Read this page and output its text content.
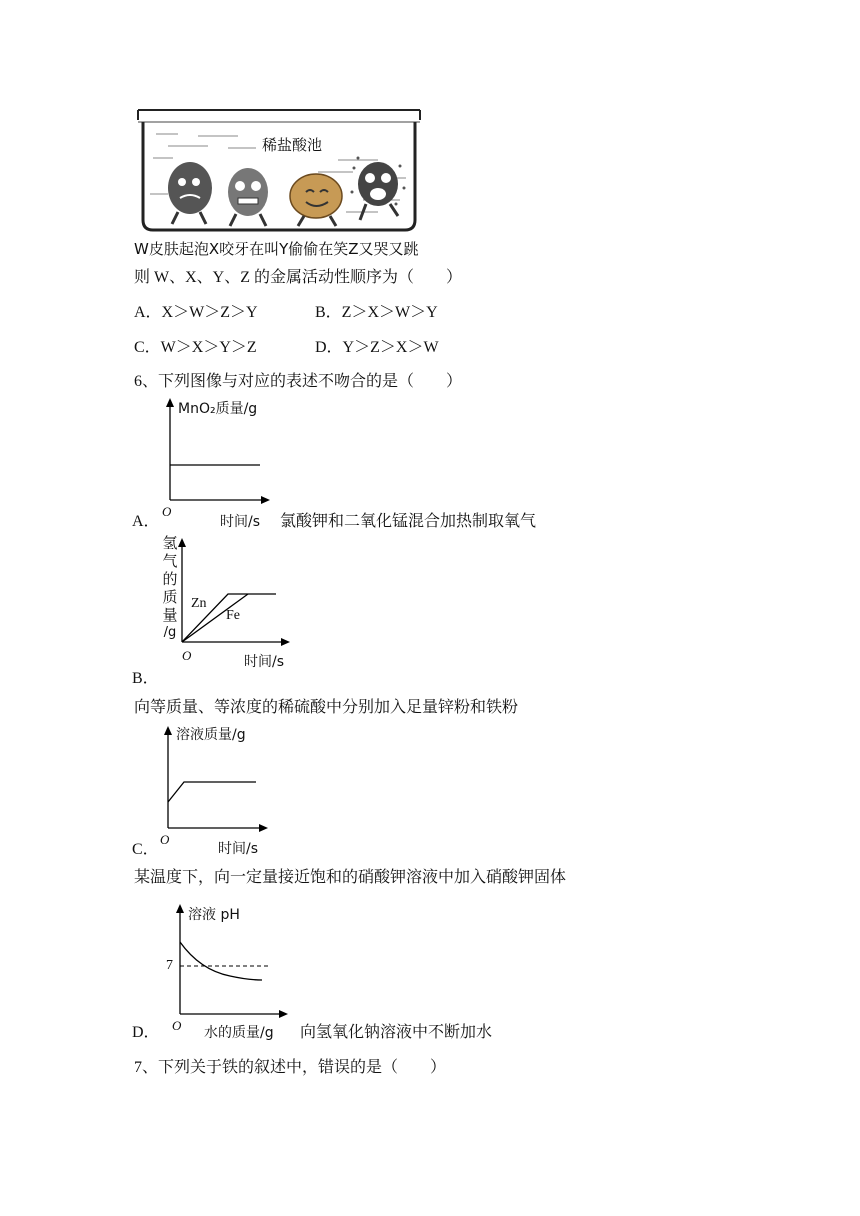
稀盐酸池
W皮肤起泡X咬牙在叫Y偷偷在笑Z又哭又跳
则 W、X、Y、Z 的金属活动性顺序为（　　）
A．X＞W＞Z＞Y	B．Z＞X＞W＞Y
C．W＞X＞Y＞Z	D．Y＞Z＞X＞W
6、下列图像与对应的表述不吻合的是（　　）
MnO₂质量/g
O
时间/s
A．	氯酸钾和二氧化锰混合加热制取氧气
氢
气
的
质
量
/g
Zn
Fe
O	时间/s
B．
向等质量、等浓度的稀硫酸中分别加入足量锌粉和铁粉
溶液质量/g
O
时间/s
C．
某温度下，向一定量接近饱和的硝酸钾溶液中加入硝酸钾固体
溶液 pH
7
O
D．	水的质量/g 向氢氧化钠溶液中不断加水
7、下列关于铁的叙述中，错误的是（　　）
